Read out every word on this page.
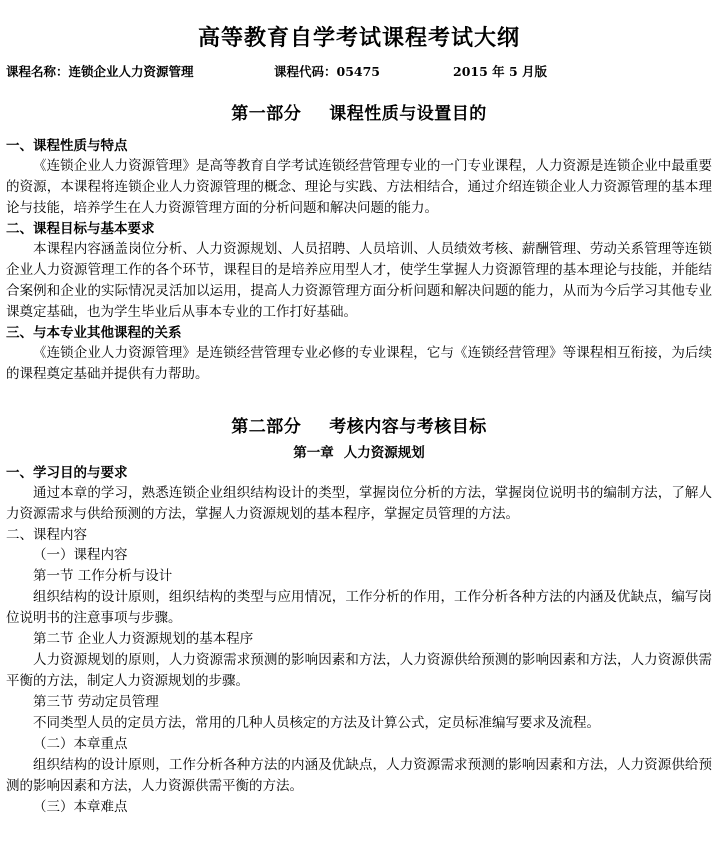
高等教育自学考试课程考试大纲
课程名称：连锁企业人力资源管理	课程代码：05475	2015 年 5 月版
第一部分 课程性质与设置目的

一、课程性质与特点

《连锁企业人力资源管理》是高等教育自学考试连锁经营管理专业的一门专业课程，人力资源是连锁企业中最重要的资源，本课程将连锁企业人力资源管理的概念、理论与实践、方法相结合，通过介绍连锁企业人力资源管理的基本理论与技能，培养学生在人力资源管理方面的分析问题和解决问题的能力。

二、课程目标与基本要求

本课程内容涵盖岗位分析、人力资源规划、人员招聘、人员培训、人员绩效考核、薪酬管理、劳动关系管理等连锁企业人力资源管理工作的各个环节，课程目的是培养应用型人才，使学生掌握人力资源管理的基本理论与技能，并能结合案例和企业的实际情况灵活加以运用，提高人力资源管理方面分析问题和解决问题的能力，从而为今后学习其他专业课奠定基础，也为学生毕业后从事本专业的工作打好基础。

三、与本专业其他课程的关系

《连锁企业人力资源管理》是连锁经营管理专业必修的专业课程，它与《连锁经营管理》等课程相互衔接，为后续的课程奠定基础并提供有力帮助。

第二部分 考核内容与考核目标

第一章 人力资源规划

一、学习目的与要求

通过本章的学习，熟悉连锁企业组织结构设计的类型，掌握岗位分析的方法，掌握岗位说明书的编制方法，了解人力资源需求与供给预测的方法，掌握人力资源规划的基本程序，掌握定员管理的方法。

二、课程内容

（一）课程内容

第一节 工作分析与设计

组织结构的设计原则，组织结构的类型与应用情况，工作分析的作用，工作分析各种方法的内涵及优缺点，编写岗位说明书的注意事项与步骤。

第二节 企业人力资源规划的基本程序

人力资源规划的原则，人力资源需求预测的影响因素和方法，人力资源供给预测的影响因素和方法，人力资源供需平衡的方法，制定人力资源规划的步骤。

第三节 劳动定员管理

不同类型人员的定员方法，常用的几种人员核定的方法及计算公式，定员标准编写要求及流程。

（二）本章重点

组织结构的设计原则，工作分析各种方法的内涵及优缺点，人力资源需求预测的影响因素和方法，人力资源供给预测的影响因素和方法，人力资源供需平衡的方法。

（三）本章难点
